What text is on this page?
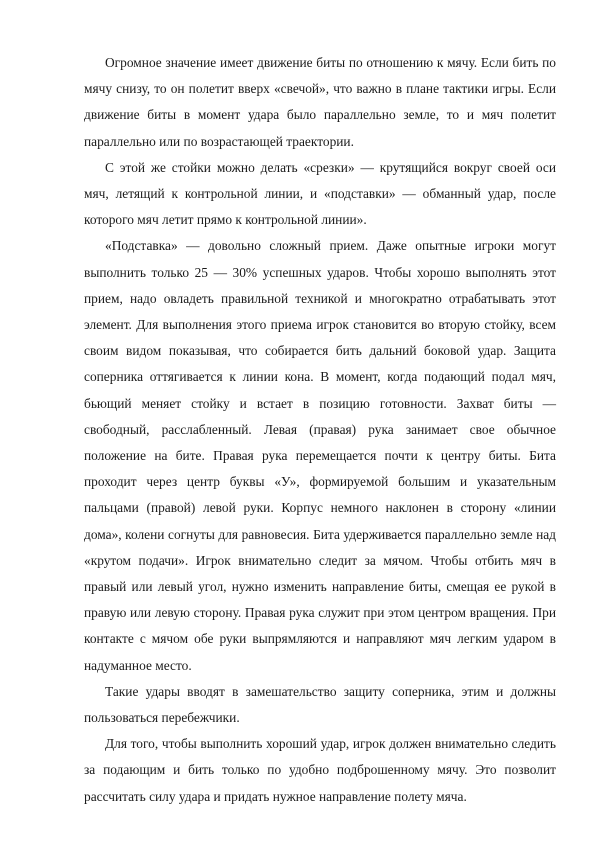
Огромное значение имеет движение биты по отношению к мячу. Если бить по мячу снизу, то он полетит вверх «свечой», что важно в плане тактики игры. Если движение биты в момент удара было параллельно земле, то и мяч полетит параллельно или по возрастающей траектории.

С этой же стойки можно делать «срезки» — крутящийся вокруг своей оси мяч, летящий к контрольной линии, и «подставки» — обманный удар, после которого мяч летит прямо к контрольной линии».

«Подставка» — довольно сложный прием. Даже опытные игроки могут выполнить только 25 — 30% успешных ударов. Чтобы хорошо выполнять этот прием, надо овладеть правильной техникой и многократно отрабатывать этот элемент. Для выполнения этого приема игрок становится во вторую стойку, всем своим видом показывая, что собирается бить дальний боковой удар. Защита соперника оттягивается к линии кона. В момент, когда подающий подал мяч, бьющий меняет стойку и встает в позицию готовности. Захват биты — свободный, расслабленный. Левая (правая) рука занимает свое обычное положение на бите. Правая рука перемещается почти к центру биты. Бита проходит через центр буквы «У», формируемой большим и указательным пальцами (правой) левой руки. Корпус немного наклонен в сторону «линии дома», колени согнуты для равновесия. Бита удерживается параллельно земле над «крутом подачи». Игрок внимательно следит за мячом. Чтобы отбить мяч в правый или левый угол, нужно изменить направление биты, смещая ее рукой в правую или левую сторону. Правая рука служит при этом центром вращения. При контакте с мячом обе руки выпрямляются и направляют мяч легким ударом в надуманное место.

Такие удары вводят в замешательство защиту соперника, этим и должны пользоваться перебежчики.

Для того, чтобы выполнить хороший удар, игрок должен внимательно следить за подающим и бить только по удобно подброшенному мячу. Это позволит рассчитать силу удара и придать нужное направление полету мяча.
